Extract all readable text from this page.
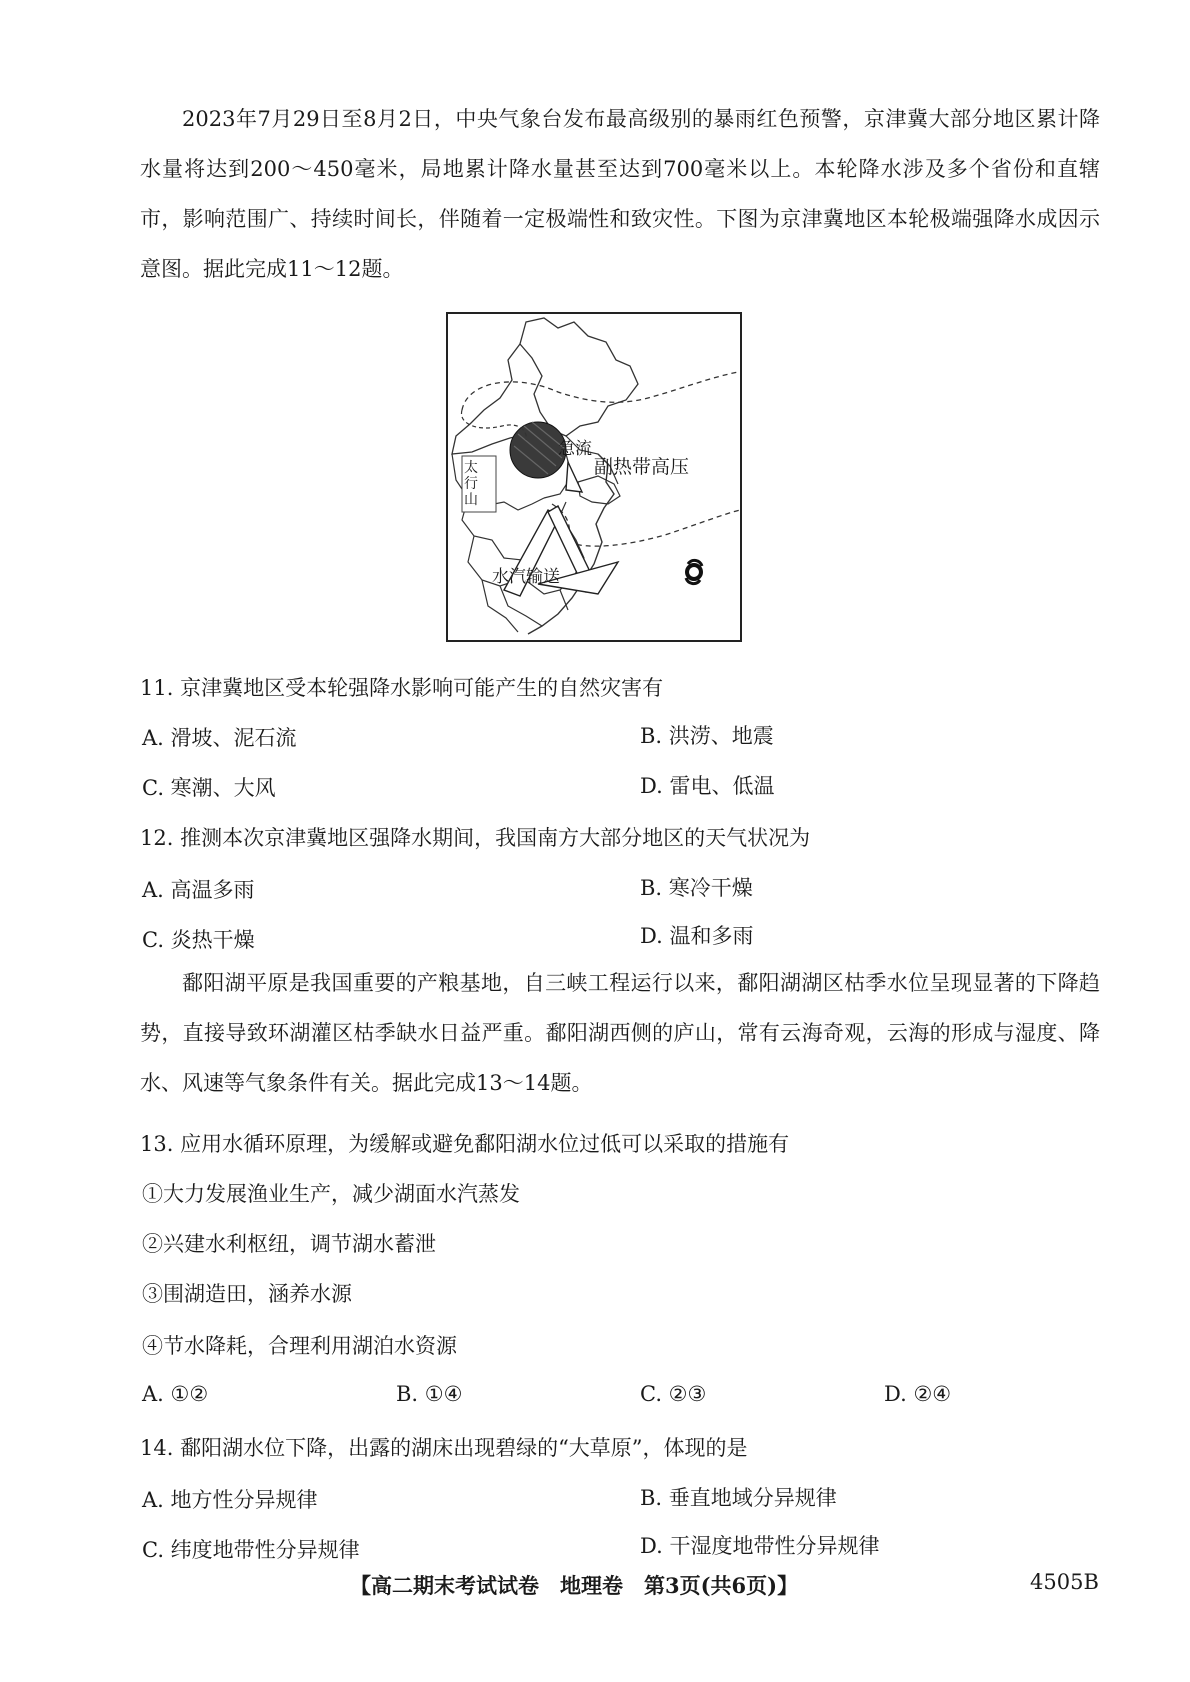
2023年7月29日至8月2日，中央气象台发布最高级别的暴雨红色预警，京津冀大部分地区累计降水量将达到200～450毫米，局地累计降水量甚至达到700毫米以上。本轮降水涉及多个省份和直辖市，影响范围广、持续时间长，伴随着一定极端性和致灾性。下图为京津冀地区本轮极端强降水成因示意图。据此完成11～12题。

急流
副热带高压
水汽输送
太行山

11. 京津冀地区受本轮强降水影响可能产生的自然灾害有

A. 滑坡、泥石流	B. 洪涝、地震

C. 寒潮、大风	D. 雷电、低温

12. 推测本次京津冀地区强降水期间，我国南方大部分地区的天气状况为

A. 高温多雨	B. 寒冷干燥

C. 炎热干燥	D. 温和多雨

鄱阳湖平原是我国重要的产粮基地，自三峡工程运行以来，鄱阳湖湖区枯季水位呈现显著的下降趋势，直接导致环湖灌区枯季缺水日益严重。鄱阳湖西侧的庐山，常有云海奇观，云海的形成与湿度、降水、风速等气象条件有关。据此完成13～14题。

13. 应用水循环原理，为缓解或避免鄱阳湖水位过低可以采取的措施有

①大力发展渔业生产，减少湖面水汽蒸发

②兴建水利枢纽，调节湖水蓄泄

③围湖造田，涵养水源

④节水降耗，合理利用湖泊水资源

A. ①②	B. ①④	C. ②③	D. ②④

14. 鄱阳湖水位下降，出露的湖床出现碧绿的“大草原”，体现的是

A. 地方性分异规律	B. 垂直地域分异规律

C. 纬度地带性分异规律	D. 干湿度地带性分异规律

【高二期末考试试卷　地理卷　第3页(共6页)】	4505B
